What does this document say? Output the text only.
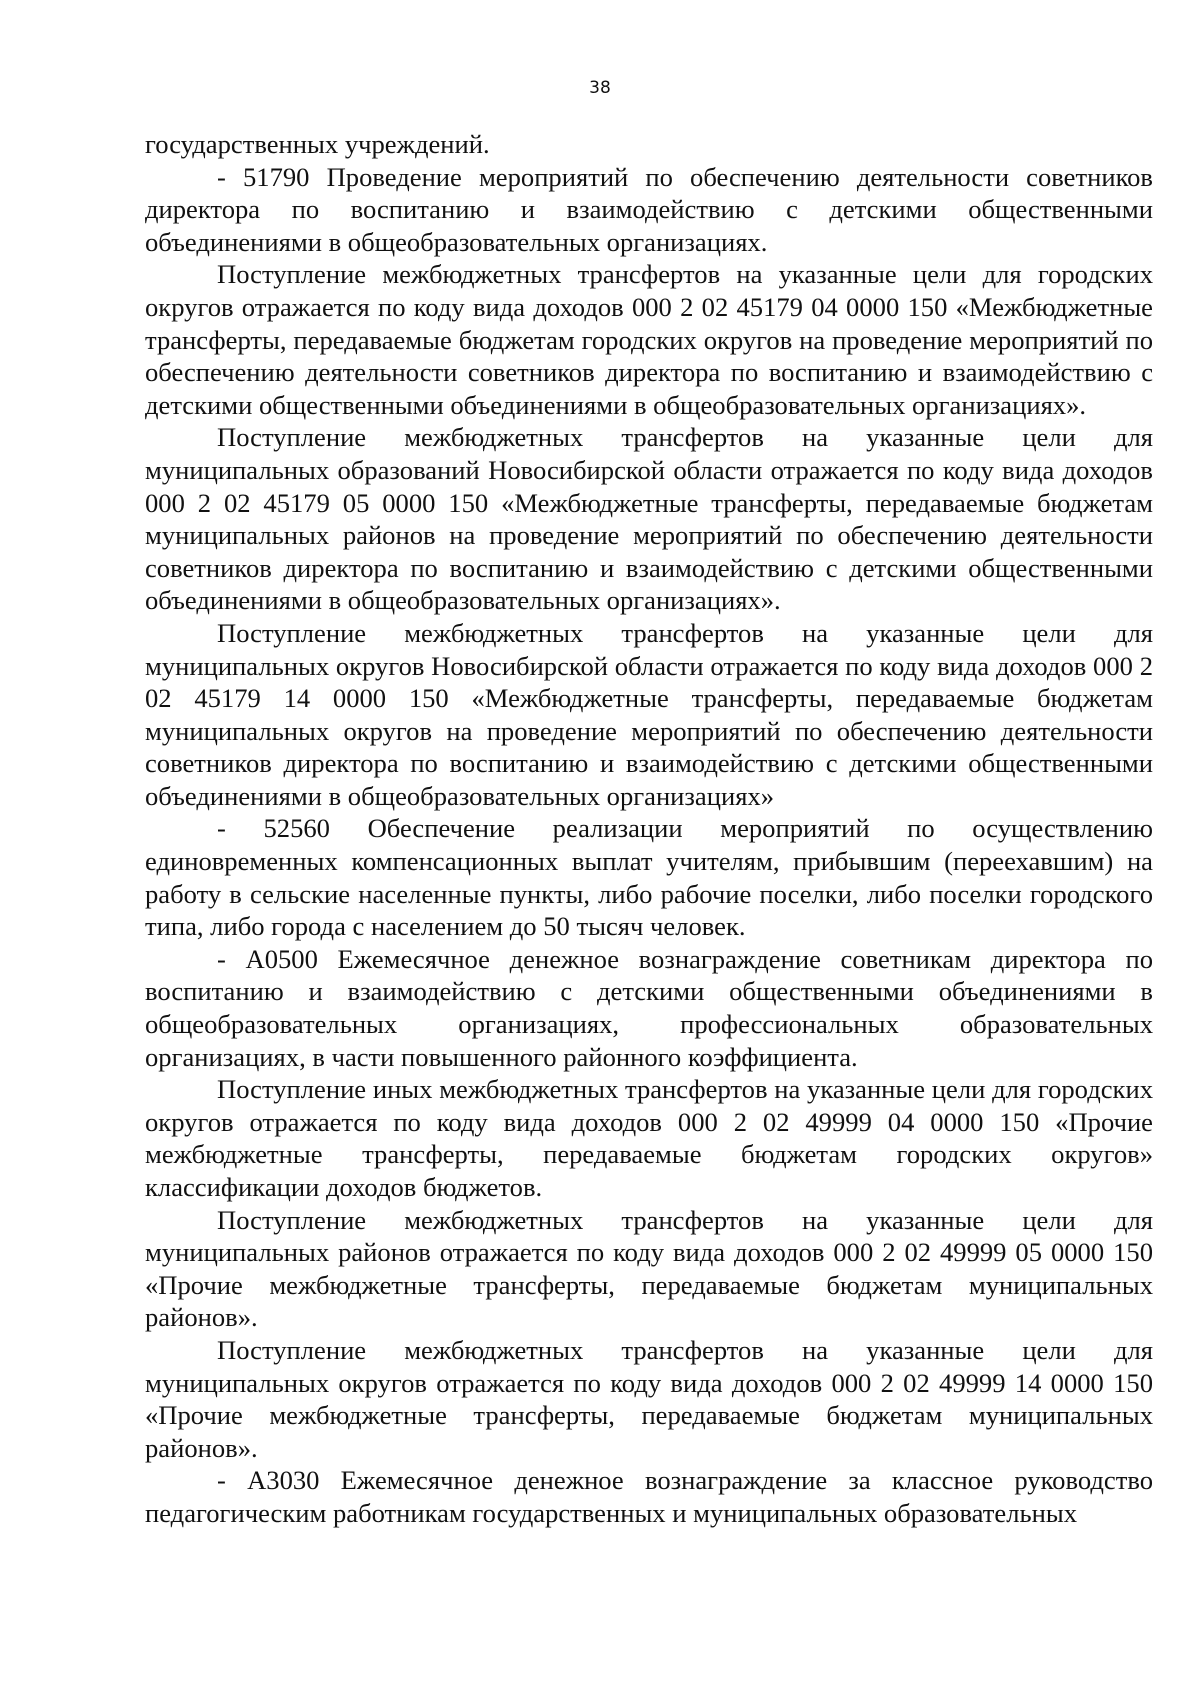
38

государственных учреждений.

- 51790 Проведение мероприятий по обеспечению деятельности советников директора по воспитанию и взаимодействию с детскими общественными объединениями в общеобразовательных организациях.

Поступление межбюджетных трансфертов на указанные цели для городских округов отражается по коду вида доходов 000 2 02 45179 04 0000 150 «Межбюджетные трансферты, передаваемые бюджетам городских округов на проведение мероприятий по обеспечению деятельности советников директора по воспитанию и взаимодействию с детскими общественными объединениями в общеобразовательных организациях».

Поступление межбюджетных трансфертов на указанные цели для муниципальных образований Новосибирской области отражается по коду вида доходов 000 2 02 45179 05 0000 150 «Межбюджетные трансферты, передаваемые бюджетам муниципальных районов на проведение мероприятий по обеспечению деятельности советников директора по воспитанию и взаимодействию с детскими общественными объединениями в общеобразовательных организациях».

Поступление межбюджетных трансфертов на указанные цели для муниципальных округов Новосибирской области отражается по коду вида доходов 000 2 02 45179 14 0000 150 «Межбюджетные трансферты, передаваемые бюджетам муниципальных округов на проведение мероприятий по обеспечению деятельности советников директора по воспитанию и взаимодействию с детскими общественными объединениями в общеобразовательных организациях»

- 52560 Обеспечение реализации мероприятий по осуществлению единовременных компенсационных выплат учителям, прибывшим (переехавшим) на работу в сельские населенные пункты, либо рабочие поселки, либо поселки городского типа, либо города с населением до 50 тысяч человек.

- А0500 Ежемесячное денежное вознаграждение советникам директора по воспитанию и взаимодействию с детскими общественными объединениями в общеобразовательных организациях, профессиональных образовательных организациях, в части повышенного районного коэффициента.

Поступление иных межбюджетных трансфертов на указанные цели для городских округов отражается по коду вида доходов 000 2 02 49999 04 0000 150 «Прочие межбюджетные трансферты, передаваемые бюджетам городских округов» классификации доходов бюджетов.

Поступление межбюджетных трансфертов на указанные цели для муниципальных районов отражается по коду вида доходов 000 2 02 49999 05 0000 150 «Прочие межбюджетные трансферты, передаваемые бюджетам муниципальных районов».

Поступление межбюджетных трансфертов на указанные цели для муниципальных округов отражается по коду вида доходов 000 2 02 49999 14 0000 150 «Прочие межбюджетные трансферты, передаваемые бюджетам муниципальных районов».

- А3030 Ежемесячное денежное вознаграждение за классное руководство педагогическим работникам государственных и муниципальных образовательных
